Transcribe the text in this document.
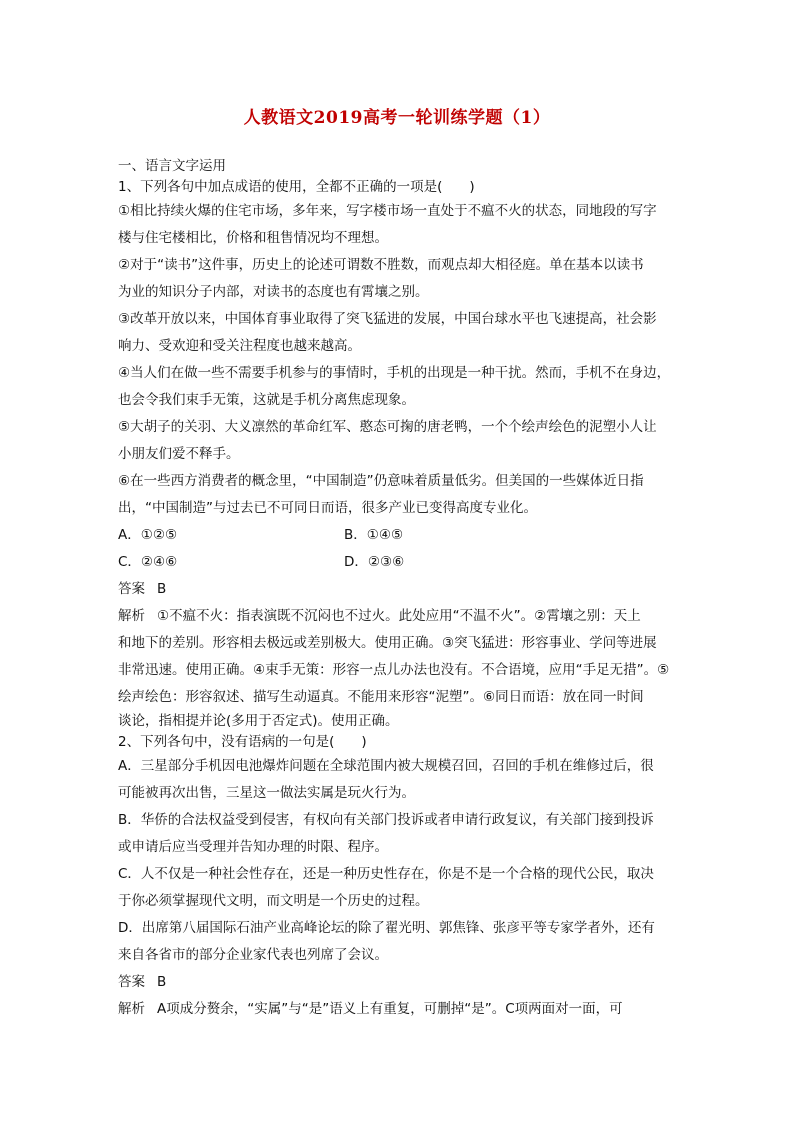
人教语文2019高考一轮训练学题（1）
一、语言文字运用
1、下列各句中加点成语的使用，全都不正确的一项是(　　)
①相比持续火爆的住宅市场，多年来，写字楼市场一直处于不瘟不火的状态，同地段的写字
楼与住宅楼相比，价格和租售情况均不理想。
②对于“读书”这件事，历史上的论述可谓数不胜数，而观点却大相径庭。单在基本以读书
为业的知识分子内部，对读书的态度也有霄壤之别。
③改革开放以来，中国体育事业取得了突飞猛进的发展，中国台球水平也飞速提高，社会影
响力、受欢迎和受关注程度也越来越高。
④当人们在做一些不需要手机参与的事情时，手机的出现是一种干扰。然而，手机不在身边，
也会令我们束手无策，这就是手机分离焦虑现象。
⑤大胡子的关羽、大义凛然的革命红军、憨态可掬的唐老鸭，一个个绘声绘色的泥塑小人让
小朋友们爱不释手。
⑥在一些西方消费者的概念里，“中国制造”仍意味着质量低劣。但美国的一些媒体近日指
出，“中国制造”与过去已不可同日而语，很多产业已变得高度专业化。
A．①②⑤	B．①④⑤
C．②④⑥	D．②③⑥
答案 B
解析 ①不瘟不火：指表演既不沉闷也不过火。此处应用“不温不火”。②霄壤之别：天上
和地下的差别。形容相去极远或差别极大。使用正确。③突飞猛进：形容事业、学问等进展
非常迅速。使用正确。④束手无策：形容一点儿办法也没有。不合语境，应用“手足无措”。⑤
绘声绘色：形容叙述、描写生动逼真。不能用来形容“泥塑”。⑥同日而语：放在同一时间
谈论，指相提并论(多用于否定式)。使用正确。
2、下列各句中，没有语病的一句是(　　)
A．三星部分手机因电池爆炸问题在全球范围内被大规模召回，召回的手机在维修过后，很
可能被再次出售，三星这一做法实属是玩火行为。
B．华侨的合法权益受到侵害，有权向有关部门投诉或者申请行政复议，有关部门接到投诉
或申请后应当受理并告知办理的时限、程序。
C．人不仅是一种社会性存在，还是一种历史性存在，你是不是一个合格的现代公民，取决
于你必须掌握现代文明，而文明是一个历史的过程。
D．出席第八届国际石油产业高峰论坛的除了翟光明、郭焦锋、张彦平等专家学者外，还有
来自各省市的部分企业家代表也列席了会议。
答案 B
解析 A项成分赘余，“实属”与“是”语义上有重复，可删掉“是”。C项两面对一面，可
